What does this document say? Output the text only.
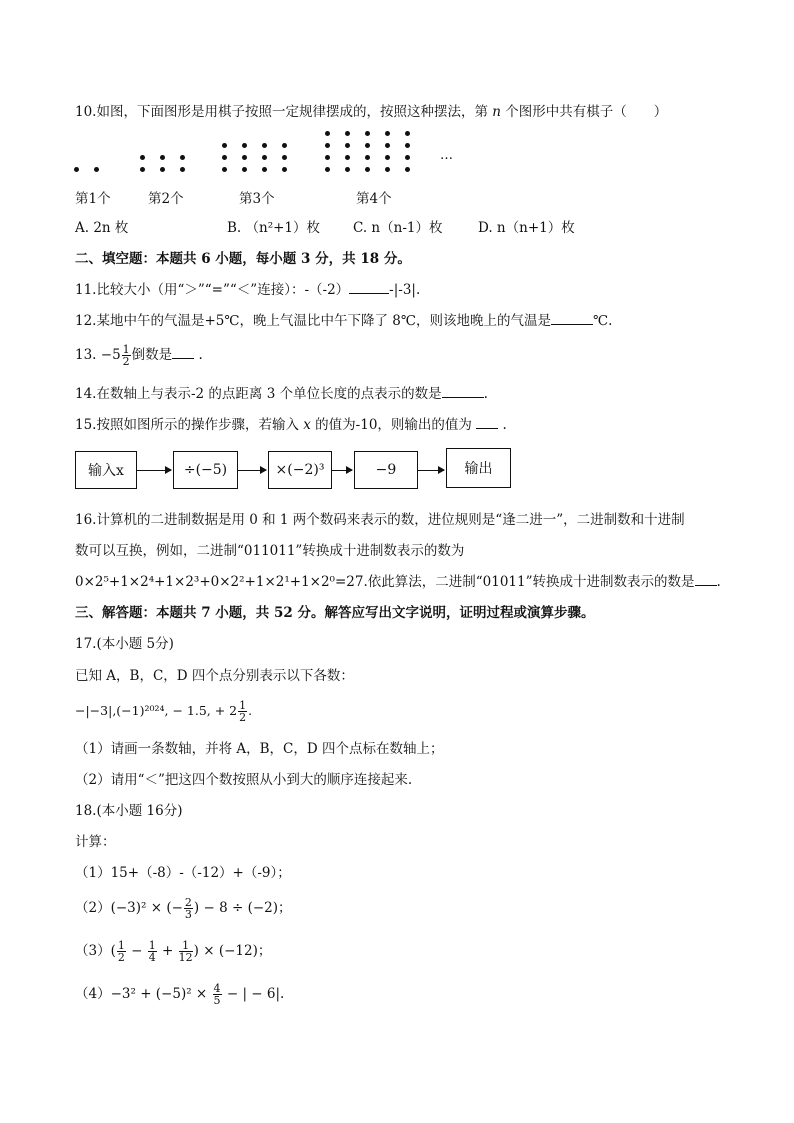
10.如图，下面图形是用棋子按照一定规律摆成的，按照这种摆法，第 n 个图形中共有棋子（　　）
…
第1个	第2个	第3个	第4个
A. 2n 枚	B. （n²+1）枚 C. n（n-1）枚	D. n（n+1）枚
二、填空题：本题共 6 小题，每小题 3 分，共 18 分。
11.比较大小（用“＞”“=”“＜”连接）：-（-2）	-|-3|.
12.某地中午的气温是+5℃，晚上气温比中午下降了 8℃，则该地晚上的气温是	℃.
13. $-5 \frac{1}{2}$ 倒数是 .
14.在数轴上与表示-2 的点距离 3 个单位长度的点表示的数是	.
15.按照如图所示的操作步骤，若输入 x 的值为-10，则输出的值为  .
输入x	÷(−5)	×(−2)³	−9	输出
16.计算机的二进制数据是用 0 和 1 两个数码来表示的数，进位规则是“逢二进一”，二进制数和十进制
数可以互换，例如，二进制“011011”转换成十进制数表示的数为
0×2⁵+1×2⁴+1×2³+0×2²+1×2¹+1×2⁰=27.依此算法，二进制“01011”转换成十进制数表示的数是 .
三、解答题：本题共 7 小题，共 52 分。解答应写出文字说明，证明过程或演算步骤。
17.(本小题 5分)
已知 A，B，C，D 四个点分别表示以下各数：
−|−3|,(−1)²⁰²⁴, − 1.5, + $2 \frac{1}{2}$ .
（1）请画一条数轴，并将 A，B，C，D 四个点标在数轴上；
（2）请用“＜”把这四个数按照从小到大的顺序连接起来.
18.(本小题 16分)
计算：
（1）15+（-8）-（-12）+（-9）；
（2）(−3)² × (− $\frac{2}{3}$ ) − 8 ÷ (−2)；
$(3)( \frac{1}{2} - \frac{1}{4} + \frac{1}{12}$ ) × (−12)；
$(4)-3^2 + (-5)^2 \times \frac{4}{5}$ − | − 6|.
